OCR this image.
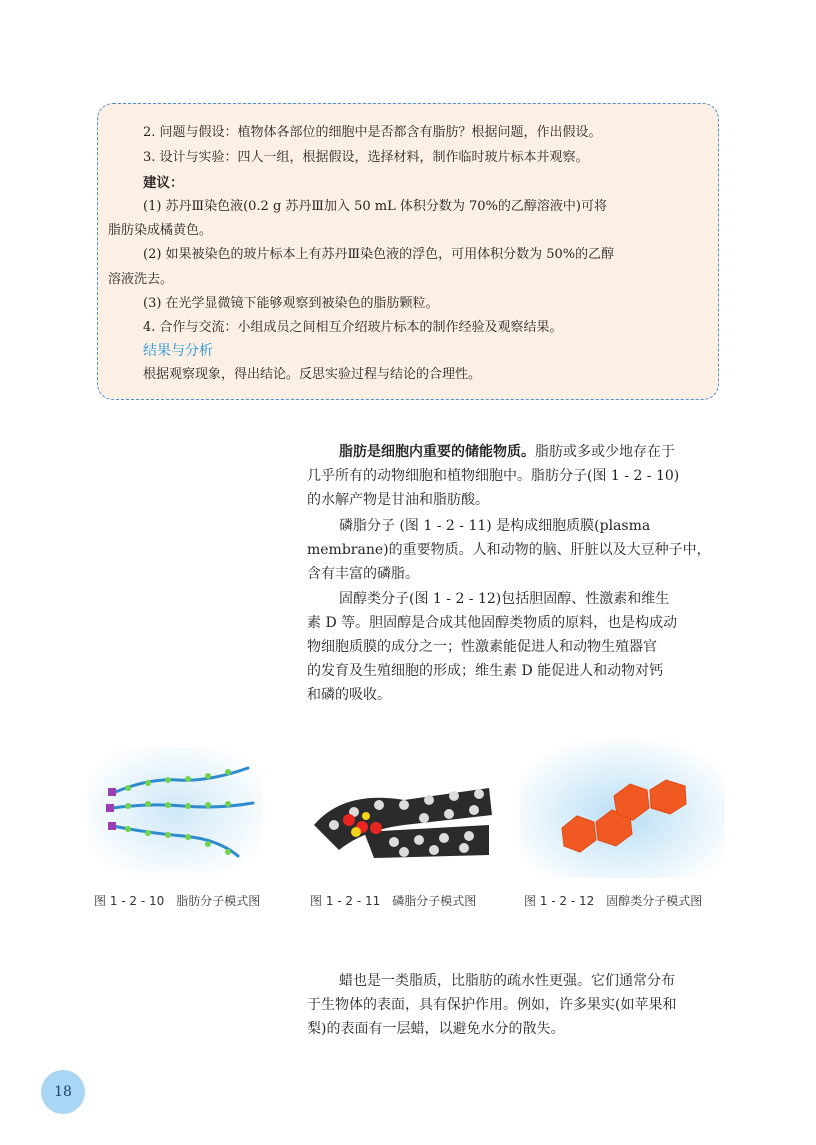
2. 问题与假设：植物体各部位的细胞中是否都含有脂肪？根据问题，作出假设。
3. 设计与实验：四人一组，根据假设，选择材料，制作临时玻片标本并观察。
建议：
(1) 苏丹Ⅲ染色液(0.2 g 苏丹Ⅲ加入 50 mL 体积分数为 70%的乙醇溶液中)可将
脂肪染成橘黄色。
(2) 如果被染色的玻片标本上有苏丹Ⅲ染色液的浮色，可用体积分数为 50%的乙醇
溶液洗去。
(3) 在光学显微镜下能够观察到被染色的脂肪颗粒。
4. 合作与交流：小组成员之间相互介绍玻片标本的制作经验及观察结果。
结果与分析
根据观察现象，得出结论。反思实验过程与结论的合理性。
脂肪是细胞内重要的储能物质。脂肪或多或少地存在于
几乎所有的动物细胞和植物细胞中。脂肪分子(图 1 - 2 - 10)
的水解产物是甘油和脂肪酸。
磷脂分子 (图 1 - 2 - 11) 是构成细胞质膜(plasma
membrane)的重要物质。人和动物的脑、肝脏以及大豆种子中，
含有丰富的磷脂。
固醇类分子(图 1 - 2 - 12)包括胆固醇、性激素和维生
素 D 等。胆固醇是合成其他固醇类物质的原料，也是构成动
物细胞质膜的成分之一；性激素能促进人和动物生殖器官
的发育及生殖细胞的形成；维生素 D 能促进人和动物对钙
和磷的吸收。
图 1 - 2 - 10　脂肪分子模式图	图 1 - 2 - 11　磷脂分子模式图	图 1 - 2 - 12　固醇类分子模式图
蜡也是一类脂质，比脂肪的疏水性更强。它们通常分布
于生物体的表面，具有保护作用。例如，许多果实(如苹果和
梨)的表面有一层蜡，以避免水分的散失。
18
